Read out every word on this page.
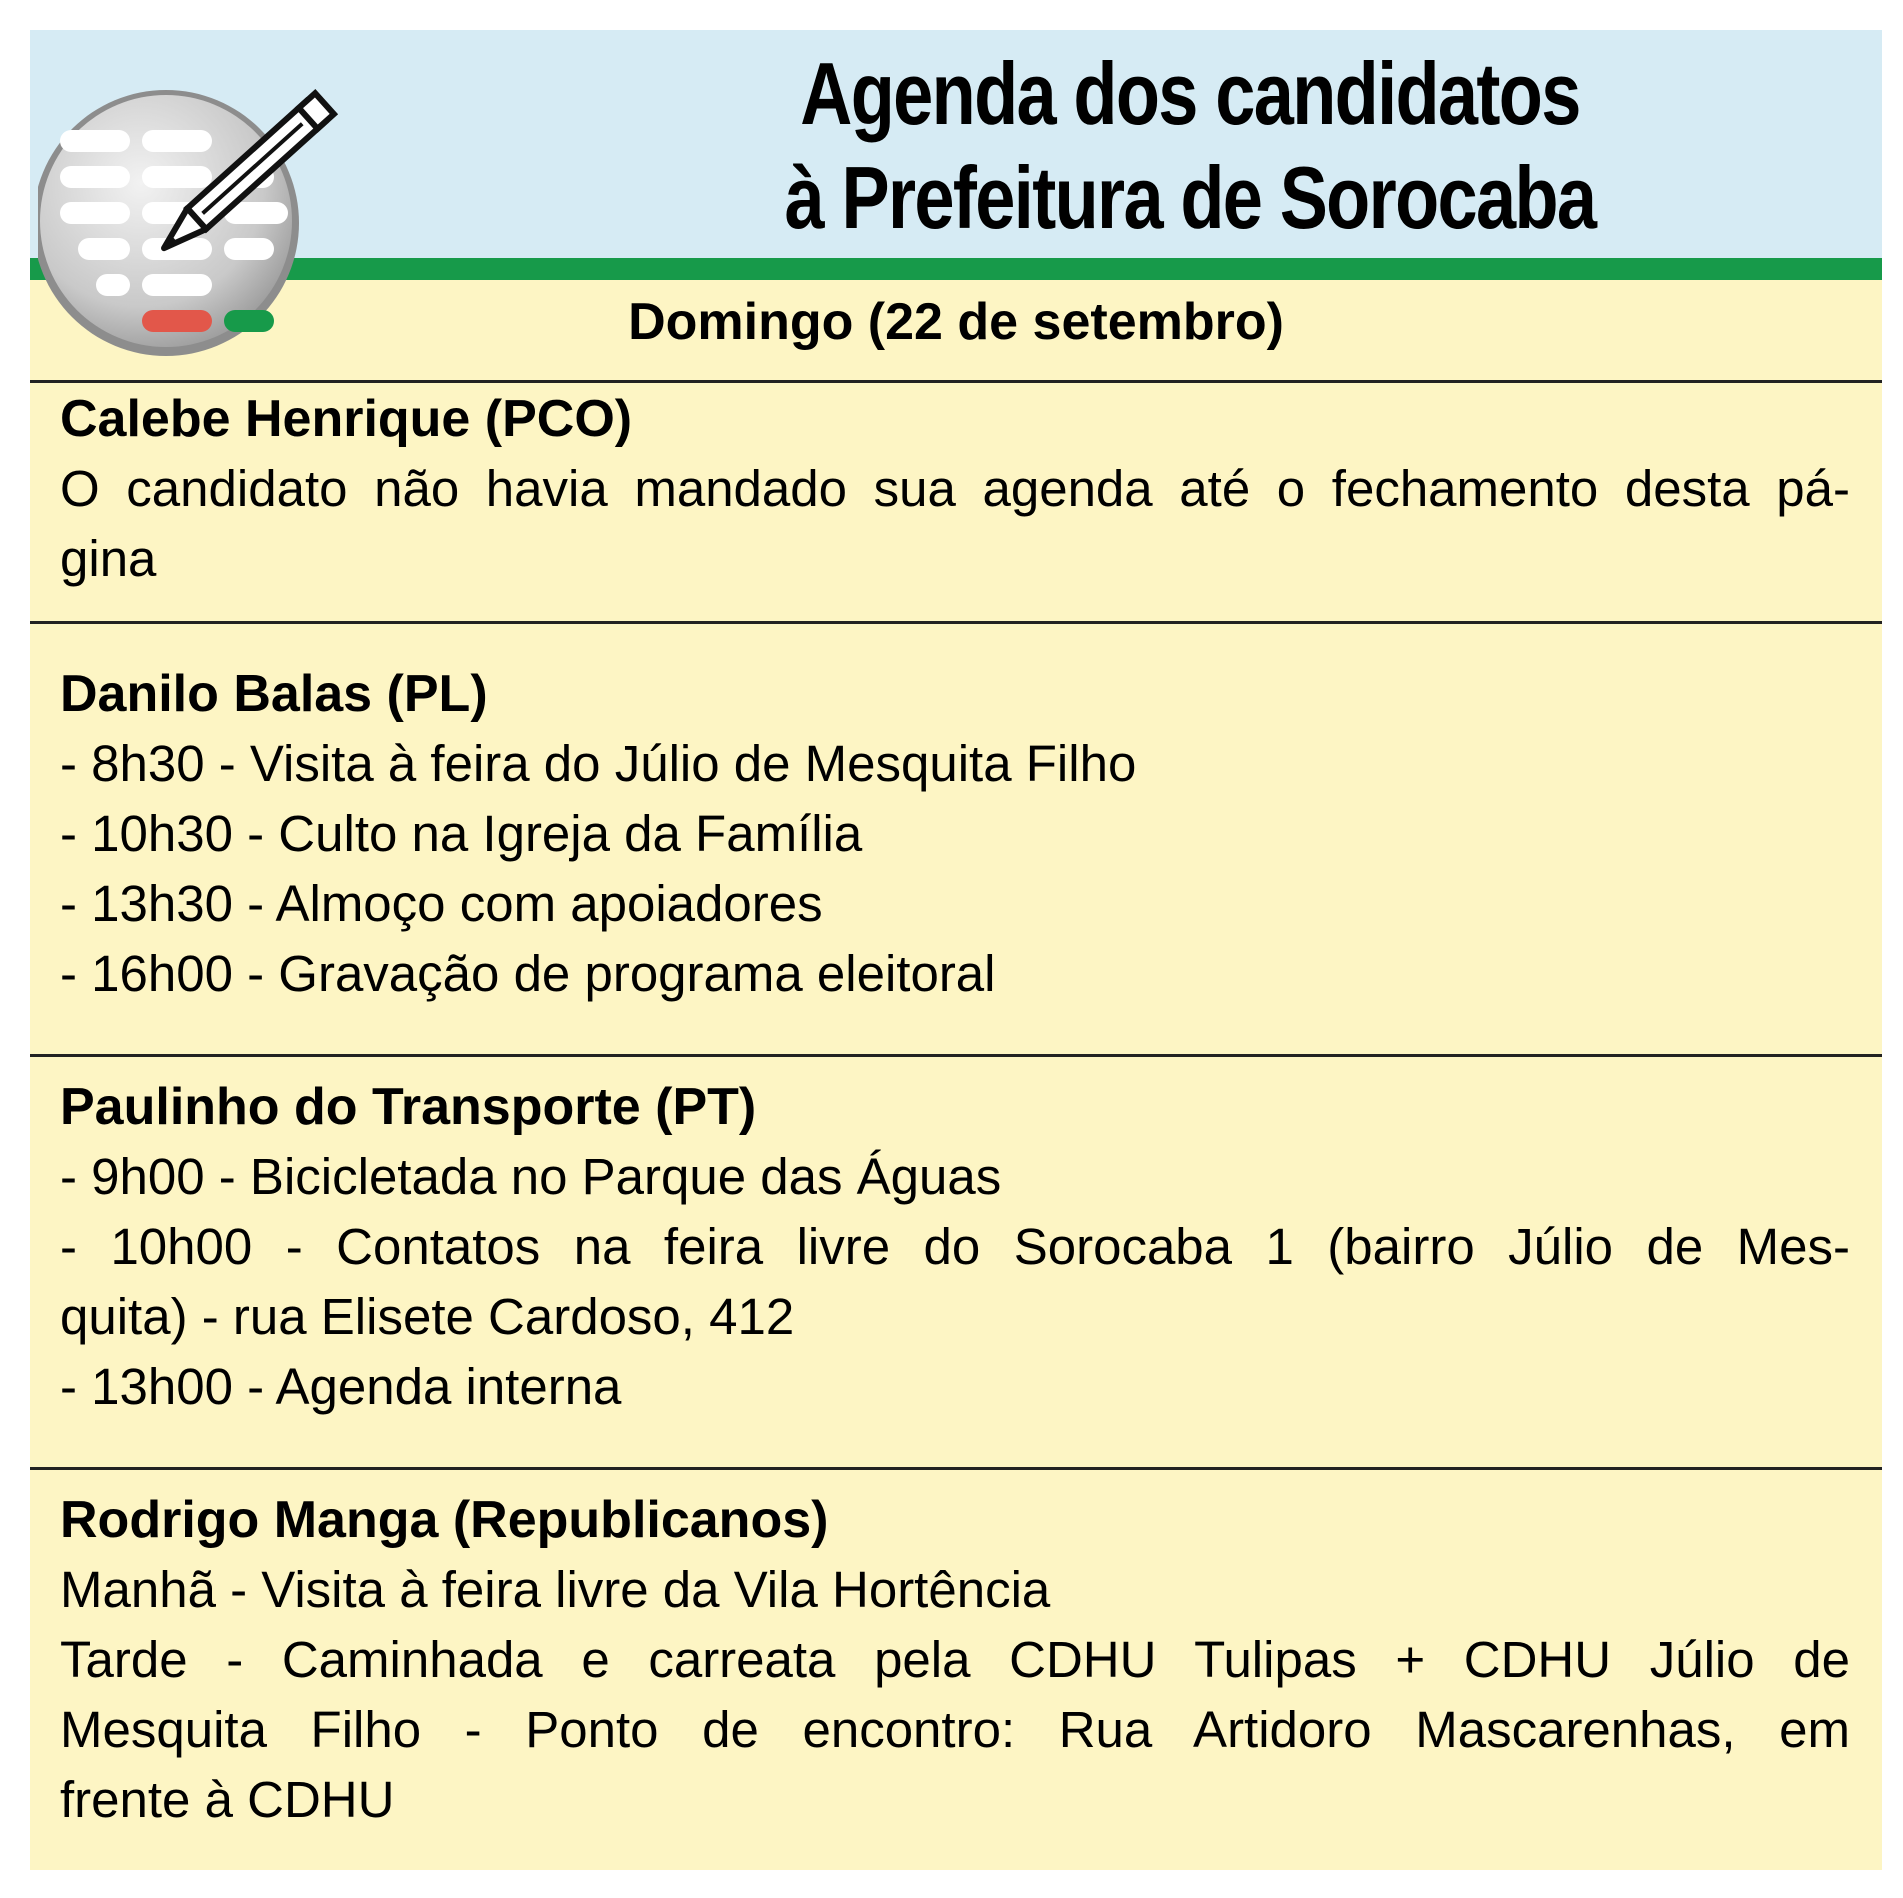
Agenda dos candidatos
à Prefeitura de Sorocaba
Domingo (22 de setembro)
Calebe Henrique (PCO)
O candidato não havia mandado sua agenda até o fechamento desta pá-
gina
Danilo Balas (PL)
- 8h30 - Visita à feira do Júlio de Mesquita Filho
- 10h30 - Culto na Igreja da Família
- 13h30 - Almoço com apoiadores
- 16h00 - Gravação de programa eleitoral
Paulinho do Transporte (PT)
- 9h00 - Bicicletada no Parque das Águas
- 10h00 - Contatos na feira livre do Sorocaba 1 (bairro Júlio de Mes-
quita) - rua Elisete Cardoso, 412
- 13h00 - Agenda interna
Rodrigo Manga (Republicanos)
Manhã - Visita à feira livre da Vila Hortência
Tarde - Caminhada e carreata pela CDHU Tulipas + CDHU Júlio de
Mesquita Filho - Ponto de encontro: Rua Artidoro Mascarenhas, em
frente à CDHU
